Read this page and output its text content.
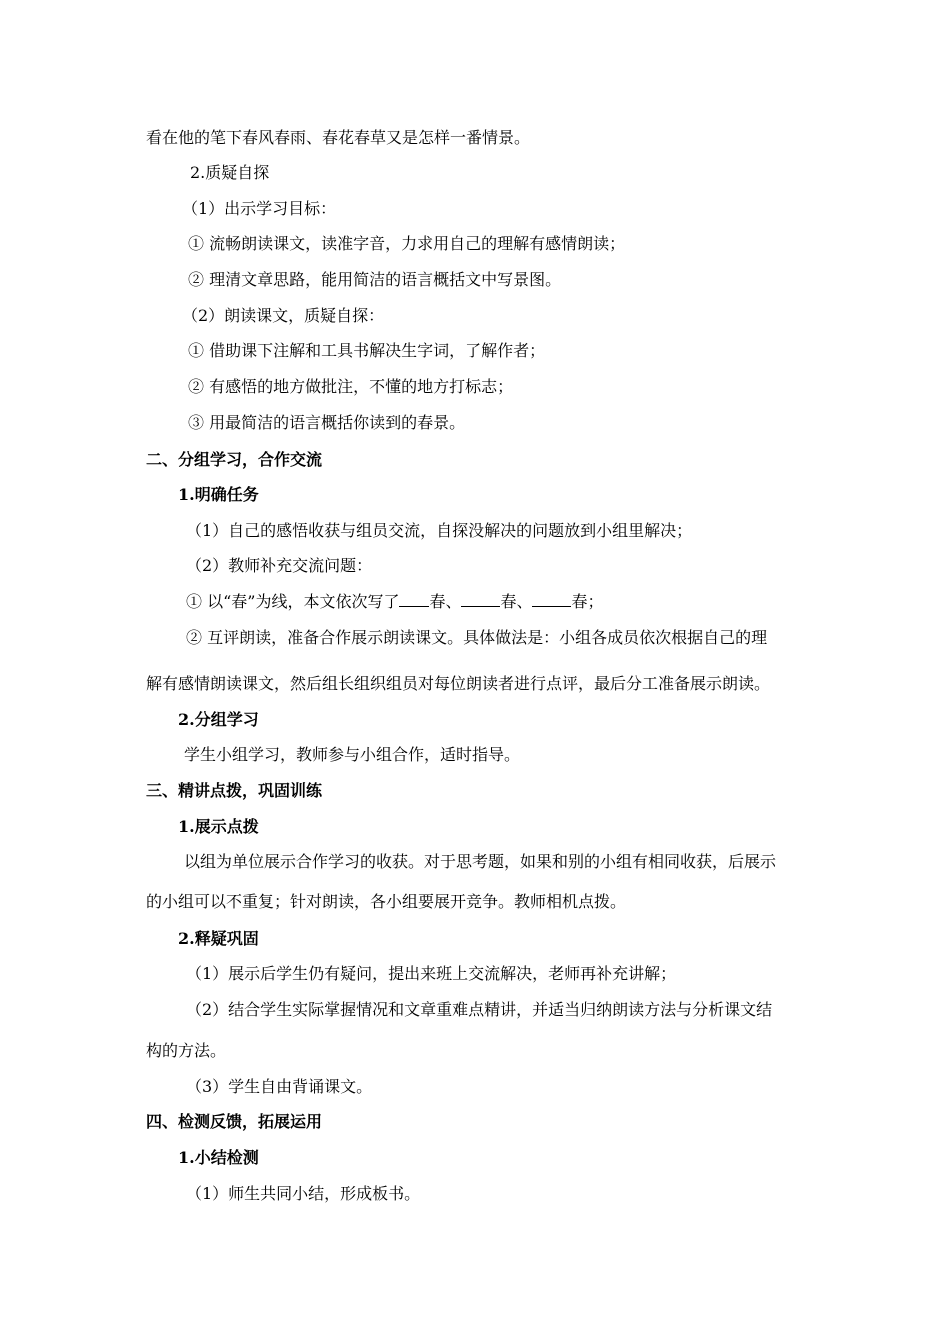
看在他的笔下春风春雨、春花春草又是怎样一番情景。
2.质疑自探
（1）出示学习目标：
① 流畅朗读课文，读准字音，力求用自己的理解有感情朗读；
② 理清文章思路，能用简洁的语言概括文中写景图。
（2）朗读课文，质疑自探：
① 借助课下注解和工具书解决生字词，了解作者；
② 有感悟的地方做批注，不懂的地方打标志；
③ 用最简洁的语言概括你读到的春景。
二、分组学习，合作交流
1.明确任务
（1）自己的感悟收获与组员交流，自探没解决的问题放到小组里解决；
（2）教师补充交流问题：
① 以“春”为线，本文依次写了 春、 春、 春；
② 互评朗读，准备合作展示朗读课文。具体做法是：小组各成员依次根据自己的理
解有感情朗读课文，然后组长组织组员对每位朗读者进行点评，最后分工准备展示朗读。
2.分组学习
学生小组学习，教师参与小组合作，适时指导。
三、精讲点拨，巩固训练
1.展示点拨
以组为单位展示合作学习的收获。对于思考题，如果和别的小组有相同收获，后展示
的小组可以不重复；针对朗读，各小组要展开竞争。教师相机点拨。
2.释疑巩固
（1）展示后学生仍有疑问，提出来班上交流解决，老师再补充讲解；
（2）结合学生实际掌握情况和文章重难点精讲，并适当归纳朗读方法与分析课文结
构的方法。
（3）学生自由背诵课文。
四、检测反馈，拓展运用
1.小结检测
（1）师生共同小结，形成板书。
